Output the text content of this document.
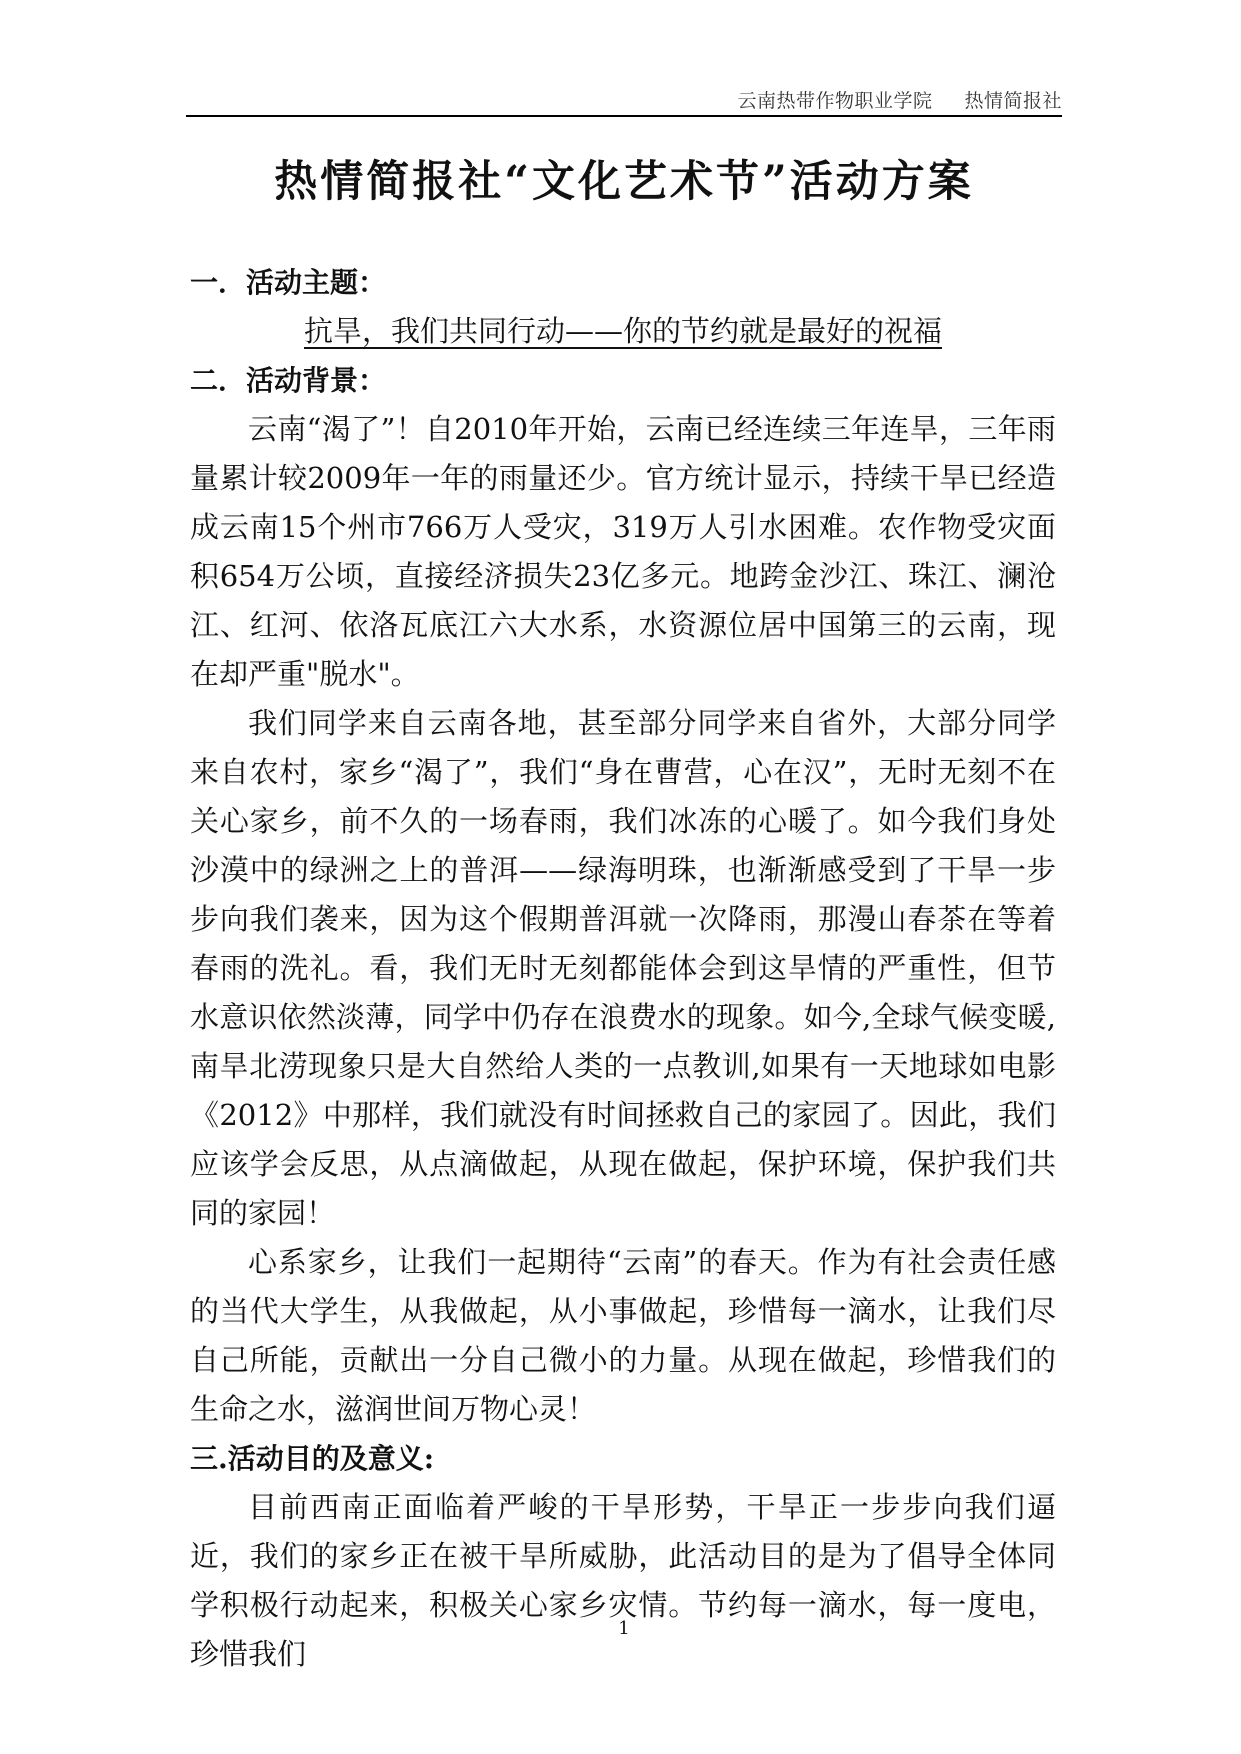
云南热带作物职业学院 热情简报社
热情简报社“文化艺术节”活动方案
一．活动主题：

抗旱，我们共同行动——你的节约就是最好的祝福

二．活动背景：

云南“渴了”！自2010年开始，云南已经连续三年连旱，三年雨量累计较2009年一年的雨量还少。官方统计显示，持续干旱已经造成云南15个州市766万人受灾，319万人引水困难。农作物受灾面积654万公顷，直接经济损失23亿多元。地跨金沙江、珠江、澜沧江、红河、依洛瓦底江六大水系，水资源位居中国第三的云南，现在却严重"脱水"。

我们同学来自云南各地，甚至部分同学来自省外，大部分同学来自农村，家乡“渴了”，我们“身在曹营，心在汉”，无时无刻不在关心家乡，前不久的一场春雨，我们冰冻的心暖了。如今我们身处沙漠中的绿洲之上的普洱——绿海明珠，也渐渐感受到了干旱一步步向我们袭来，因为这个假期普洱就一次降雨，那漫山春茶在等着春雨的洗礼。看，我们无时无刻都能体会到这旱情的严重性，但节水意识依然淡薄，同学中仍存在浪费水的现象。如今,全球气候变暖,南旱北涝现象只是大自然给人类的一点教训,如果有一天地球如电影《2012》中那样，我们就没有时间拯救自己的家园了。因此，我们应该学会反思，从点滴做起，从现在做起，保护环境，保护我们共同的家园！

心系家乡，让我们一起期待“云南”的春天。作为有社会责任感的当代大学生，从我做起，从小事做起，珍惜每一滴水，让我们尽自己所能，贡献出一分自己微小的力量。从现在做起，珍惜我们的生命之水，滋润世间万物心灵！

三.活动目的及意义:

目前西南正面临着严峻的干旱形势，干旱正一步步向我们逼近，我们的家乡正在被干旱所威胁，此活动目的是为了倡导全体同学积极行动起来，积极关心家乡灾情。节约每一滴水，每一度电，珍惜我们

1
